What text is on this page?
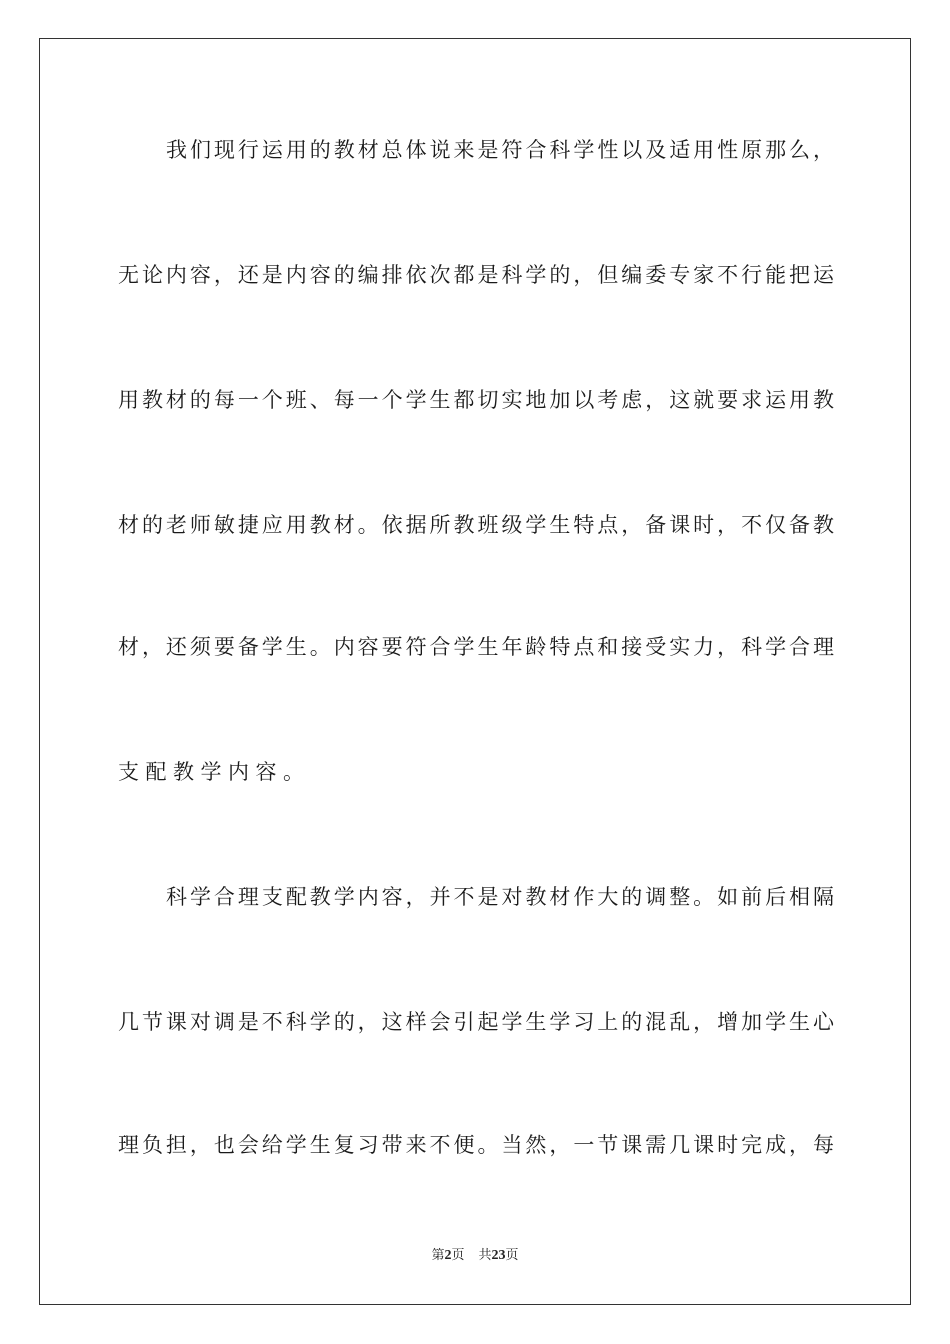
我们现行运用的教材总体说来是符合科学性以及适用性原那么，
无论内容，还是内容的编排依次都是科学的，但编委专家不行能把运
用教材的每一个班、每一个学生都切实地加以考虑，这就要求运用教
材的老师敏捷应用教材。依据所教班级学生特点，备课时，不仅备教
材，还须要备学生。内容要符合学生年龄特点和接受实力，科学合理
支配教学内容。
科学合理支配教学内容，并不是对教材作大的调整。如前后相隔
几节课对调是不科学的，这样会引起学生学习上的混乱，增加学生心
理负担，也会给学生复习带来不便。当然，一节课需几课时完成，每
第2页 共23页
